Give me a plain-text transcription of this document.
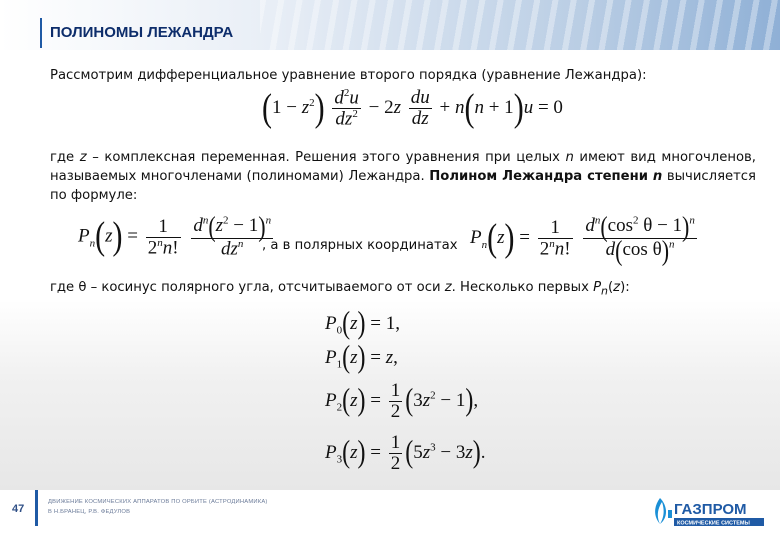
ПОЛИНОМЫ ЛЕЖАНДРА
Рассмотрим дифференциальное уравнение второго порядка (уравнение Лежандра):
$(1 - z^2) \frac{d^2u}{dz^2} - 2z \frac{du}{dz} + n(n + 1)u = 0$
где z – комплексная переменная. Решения этого уравнения при целых n имеют вид многочленов, называемых многочленами (полиномами) Лежандра. Полином Лежандра степени n вычисляется по формуле:
$P_n(z) = \frac{1}{2^nn!}$
$\frac{d^n(z^2 - 1)^n}{dz^n}$
, а в полярных координатах $P_n(z) = \frac{1}{2^nn!}$
$\frac{d^n(\cos^2 \theta - 1)^n}{d(\cos \theta)^n}$
где θ – косинус полярного угла, отсчитываемого от оси z. Несколько первых $P_n(z)$:
$P_0(z) = 1$,
$P_1(z) = z$,
$P_2(z) = \frac{1}{2} (3z^2 - 1)$,
$P_3(z) = \frac{1}{2} (5z^3 - 3z)$.
47
ДВИЖЕНИЕ КОСМИЧЕСКИХ АППАРАТОВ ПО ОРБИТЕ (АСТРОДИНАМИКА)
В Н.БРАНЕЦ, Р.В. ФЕДУЛОВ	ГАЗПРОМ
КОСМИЧЕСКИЕ СИСТЕМЫ
